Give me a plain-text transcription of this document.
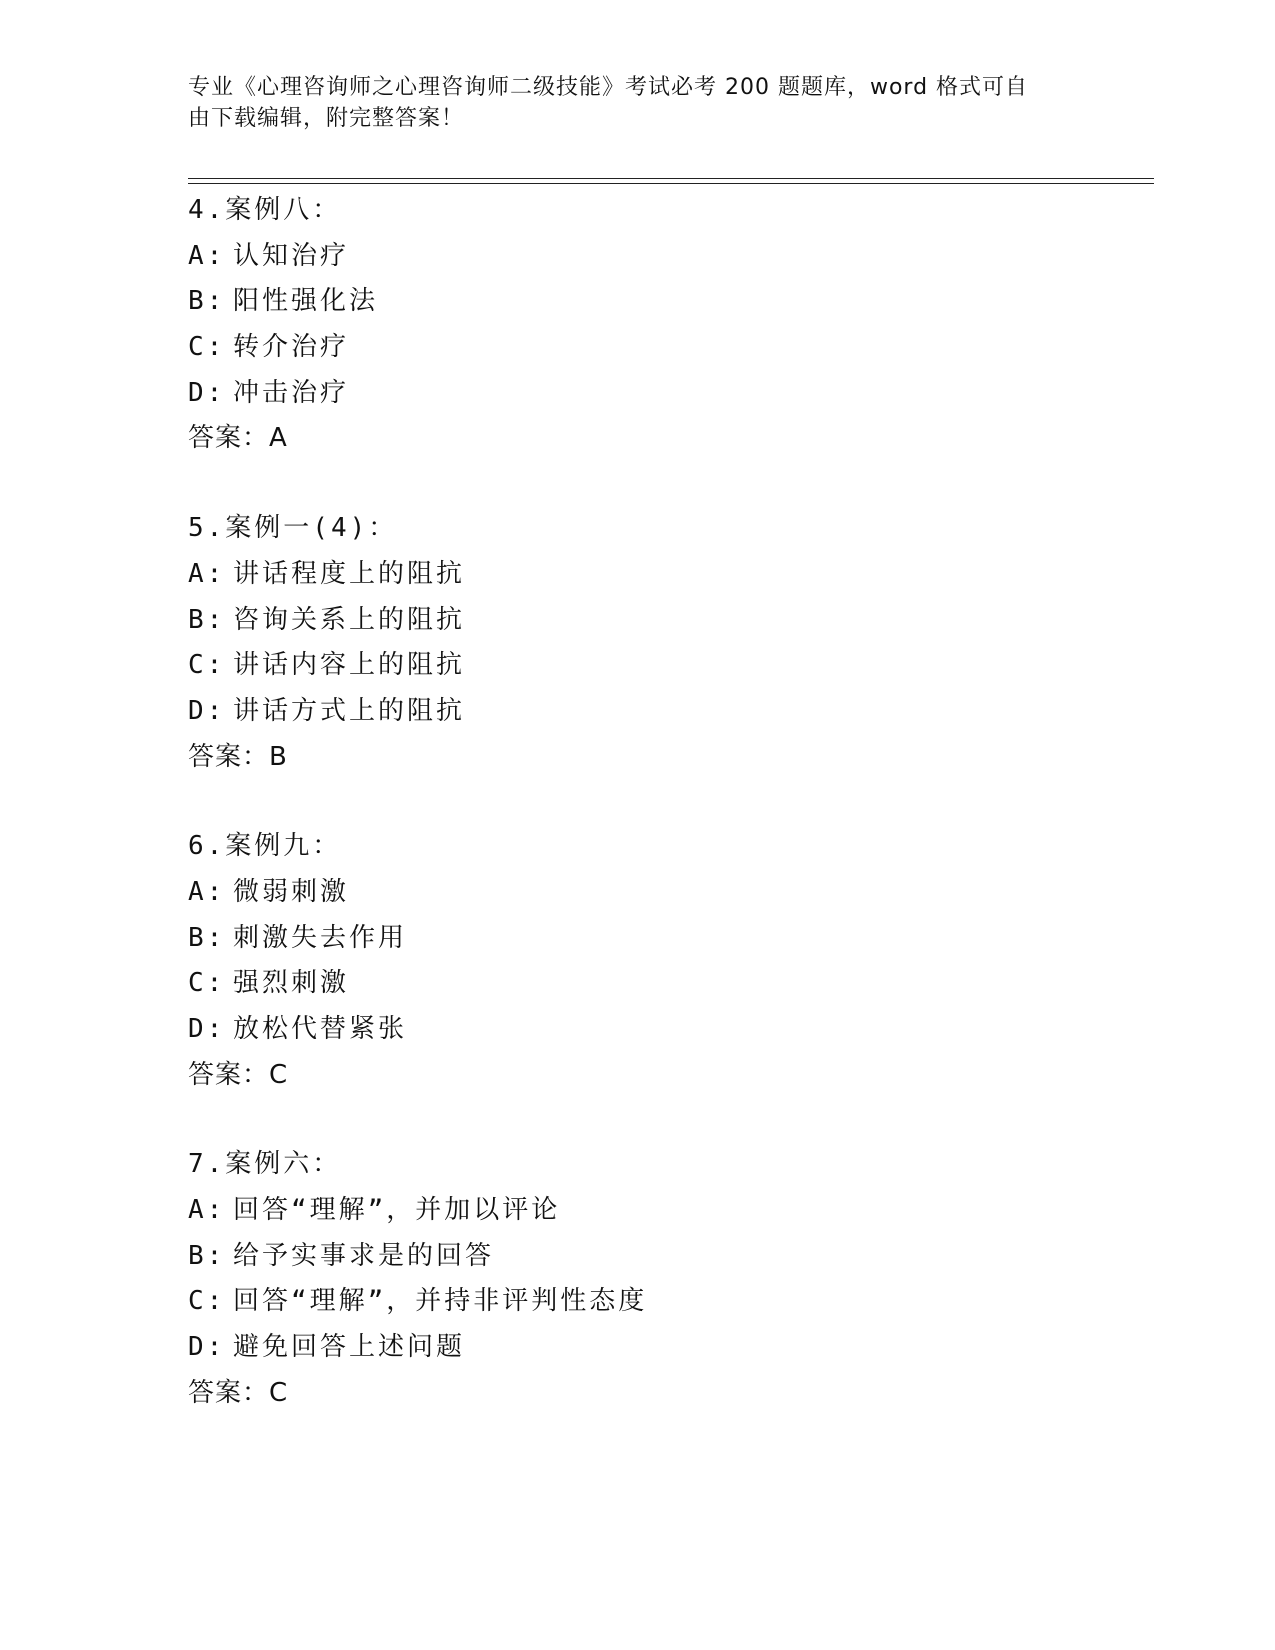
专业《心理咨询师之心理咨询师二级技能》考试必考 200 题题库，word 格式可自
由下载编辑，附完整答案！
4.案例八：
A: 认知治疗
B: 阳性强化法
C: 转介治疗
D: 冲击治疗
答案：A
5.案例一(4)：
A: 讲话程度上的阻抗
B: 咨询关系上的阻抗
C: 讲话内容上的阻抗
D: 讲话方式上的阻抗
答案：B
6.案例九：
A: 微弱刺激
B: 刺激失去作用
C: 强烈刺激
D: 放松代替紧张
答案：C
7.案例六：
A: 回答“理解”，并加以评论
B: 给予实事求是的回答
C: 回答“理解”，并持非评判性态度
D: 避免回答上述问题
答案：C
